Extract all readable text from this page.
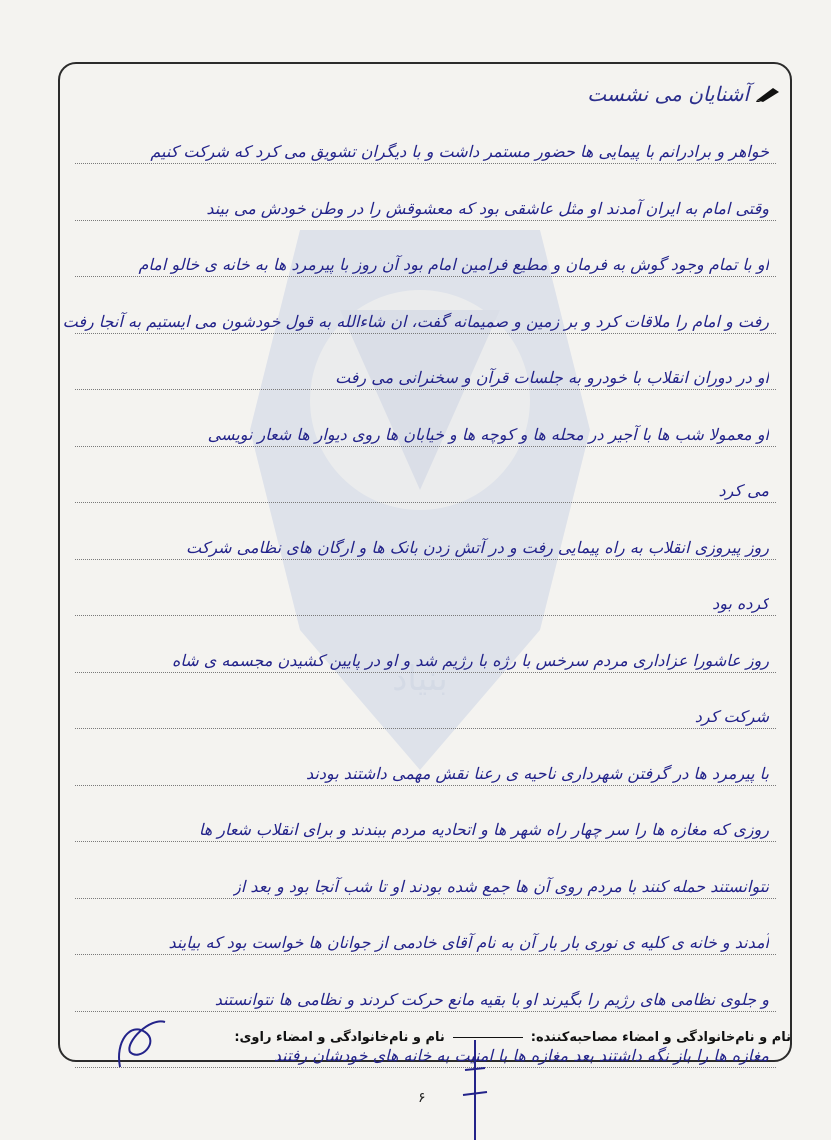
آشنایان می نشست
خواهر و برادرانم با پیمایی ها حضور مستمر داشت و با دیگران تشویق می کرد که شرکت کنیم
وقتی امام به ایران آمدند او مثل عاشقی بود که معشوقش را در وطن خودش می بیند
او با تمام وجود گوش به فرمان و مطیع فرامین امام بود آن روز با پیرمرد ها به خانه ی خالو امام
رفت و امام را ملاقات کرد و بر زمین و صمیمانه گفت، ان شاءالله به قول خودشون می ایستیم به آنجا رفت
او در دوران انقلاب با خودرو به جلسات قرآن و سخنرانی می رفت
او معمولا شب ها با آجیر در محله ها و کوچه ها و خیابان ها روی دیوار ها شعار نویسی
می کرد
روز پیروزی انقلاب به راه پیمایی رفت و در آتش زدن بانک ها و ارگان های نظامی شرکت
کرده بود
روز عاشورا عزاداری مردم سرخس با رژه با رژیم شد و او در پایین کشیدن مجسمه ی شاه
شرکت کرد
با پیرمرد ها در گرفتن شهرداری ناحیه ی رعنا نقش مهمی داشتند بودند
روزی که مغازه ها را سر چهار راه شهر ها و اتحادیه مردم ببندند و برای انقلاب شعار ها
نتوانستند حمله کنند با مردم روی آن ها جمع شده بودند او تا شب آنجا بود و بعد از
آمدند و خانه ی کلیه ی نوری بار بار آن به نام آقای خادمی از جوانان ها خواست بود که بیایند
و جلوی نظامی های رژیم را بگیرند او با بقیه مانع حرکت کردند و نظامی ها نتوانستند
مغازه ها را باز نگه داشتند بعد مغازه ها با امنیت به خانه های خودشان رفتند
نام و نام‌خانوادگی و امضاء مصاحبه‌کننده:
نام و نام‌خانوادگی و امضاء راوی:
۶
